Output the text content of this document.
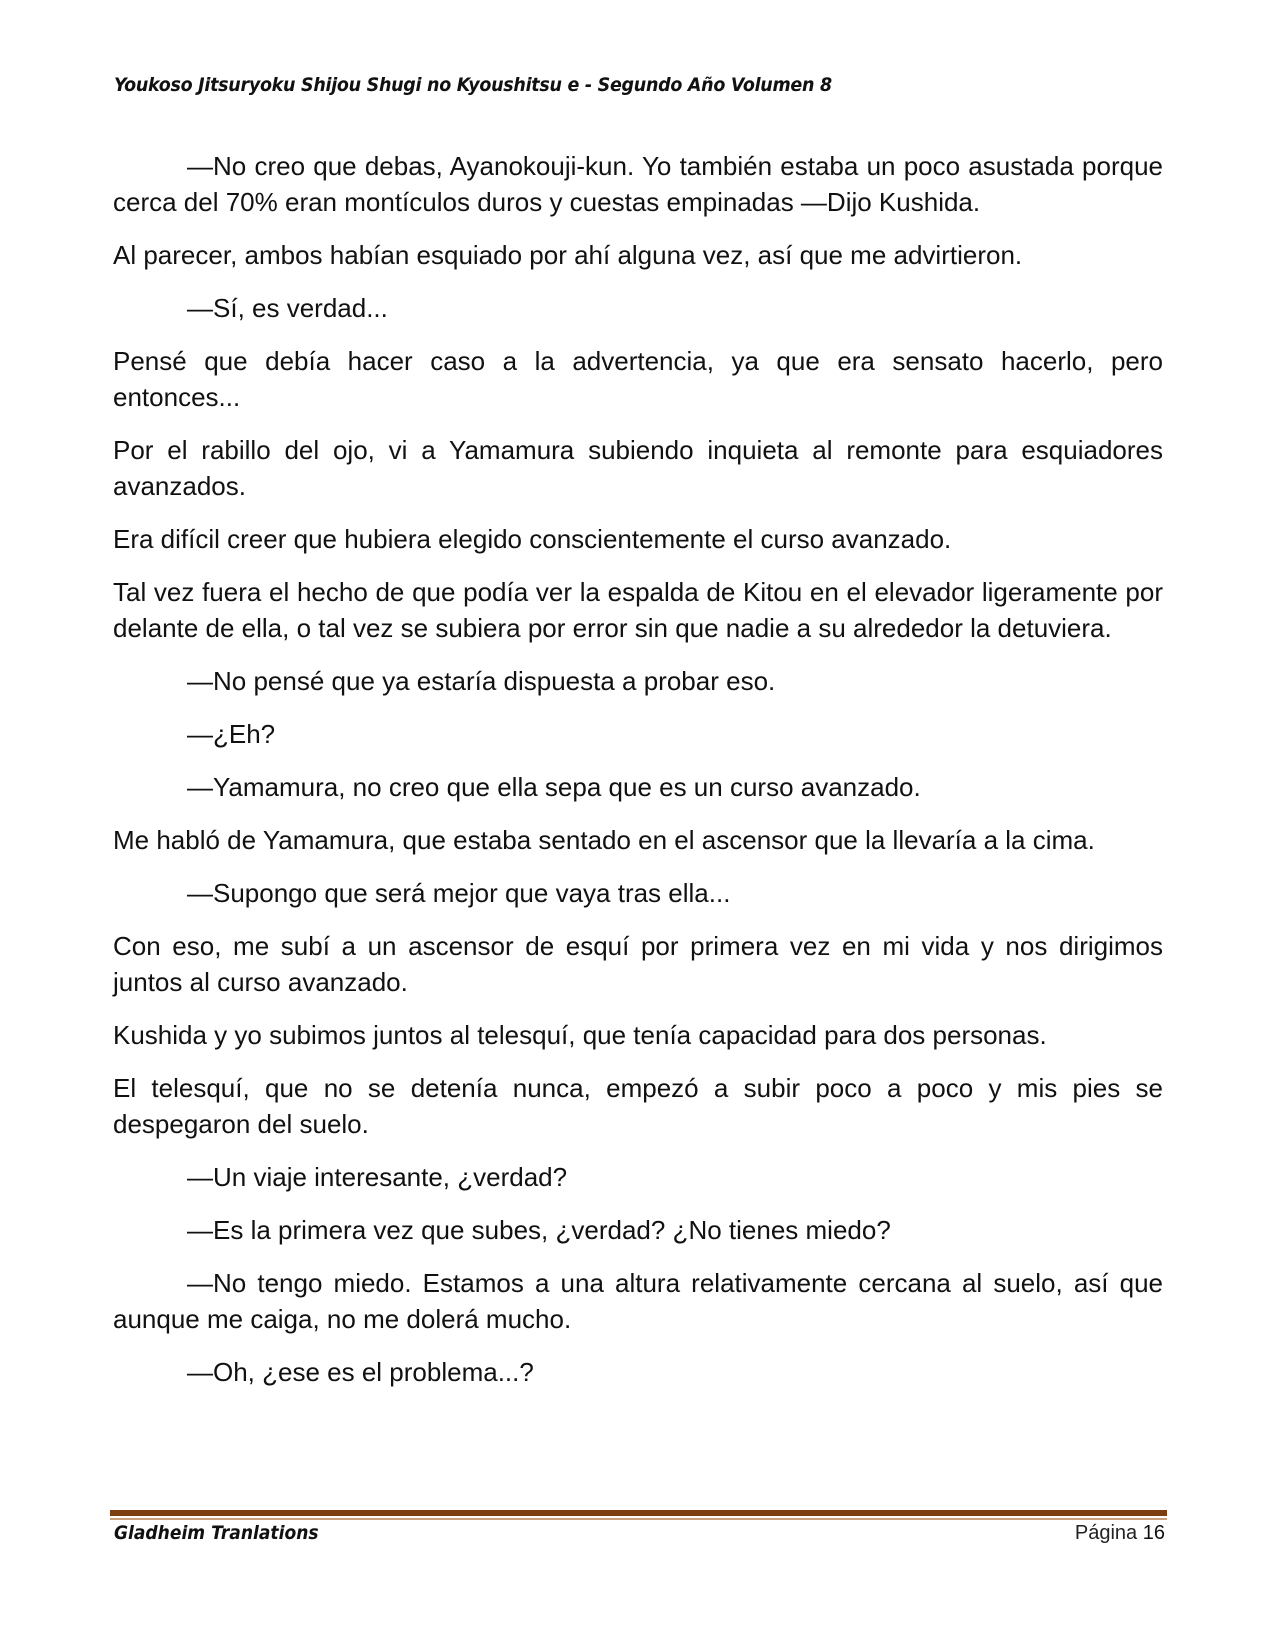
Youkoso Jitsuryoku Shijou Shugi no Kyoushitsu e - Segundo Año Volumen 8

—No creo que debas, Ayanokouji-kun. Yo también estaba un poco asustada porque cerca del 70% eran montículos duros y cuestas empinadas —Dijo Kushida.

Al parecer, ambos habían esquiado por ahí alguna vez, así que me advirtieron.

—Sí, es verdad...

Pensé que debía hacer caso a la advertencia, ya que era sensato hacerlo, pero entonces...

Por el rabillo del ojo, vi a Yamamura subiendo inquieta al remonte para esquiadores avanzados.

Era difícil creer que hubiera elegido conscientemente el curso avanzado.

Tal vez fuera el hecho de que podía ver la espalda de Kitou en el elevador ligeramente por delante de ella, o tal vez se subiera por error sin que nadie a su alrededor la detuviera.

—No pensé que ya estaría dispuesta a probar eso.

—¿Eh?

—Yamamura, no creo que ella sepa que es un curso avanzado.

Me habló de Yamamura, que estaba sentado en el ascensor que la llevaría a la cima.

—Supongo que será mejor que vaya tras ella...

Con eso, me subí a un ascensor de esquí por primera vez en mi vida y nos dirigimos juntos al curso avanzado.

Kushida y yo subimos juntos al telesquí, que tenía capacidad para dos personas.

El telesquí, que no se detenía nunca, empezó a subir poco a poco y mis pies se despegaron del suelo.

—Un viaje interesante, ¿verdad?

—Es la primera vez que subes, ¿verdad? ¿No tienes miedo?

—No tengo miedo. Estamos a una altura relativamente cercana al suelo, así que aunque me caiga, no me dolerá mucho.

—Oh, ¿ese es el problema...?

Gladheim Tranlations	Página 16
